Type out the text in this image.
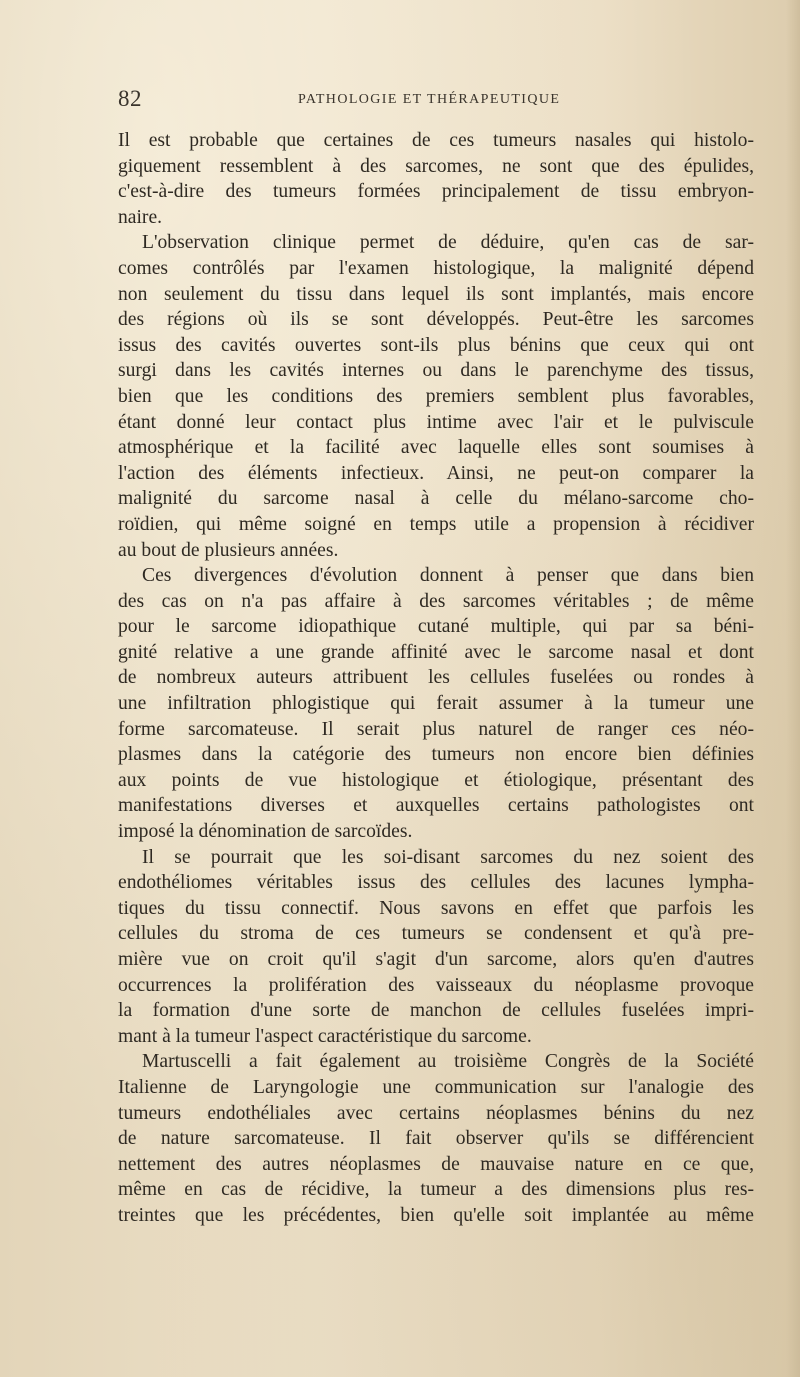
82	PATHOLOGIE ET THÉRAPEUTIQUE
Il est probable que certaines de ces tumeurs nasales qui histolo-
giquement ressemblent à des sarcomes, ne sont que des épulides,
c'est-à-dire des tumeurs formées principalement de tissu embryon-
naire.
L'observation clinique permet de déduire, qu'en cas de sar-
comes contrôlés par l'examen histologique, la malignité dépend
non seulement du tissu dans lequel ils sont implantés, mais encore
des régions où ils se sont développés. Peut-être les sarcomes
issus des cavités ouvertes sont-ils plus bénins que ceux qui ont
surgi dans les cavités internes ou dans le parenchyme des tissus,
bien que les conditions des premiers semblent plus favorables,
étant donné leur contact plus intime avec l'air et le pulviscule
atmosphérique et la facilité avec laquelle elles sont soumises à
l'action des éléments infectieux. Ainsi, ne peut-on comparer la
malignité du sarcome nasal à celle du mélano-sarcome cho-
roïdien, qui même soigné en temps utile a propension à récidiver
au bout de plusieurs années.
Ces divergences d'évolution donnent à penser que dans bien
des cas on n'a pas affaire à des sarcomes véritables ; de même
pour le sarcome idiopathique cutané multiple, qui par sa béni-
gnité relative a une grande affinité avec le sarcome nasal et dont
de nombreux auteurs attribuent les cellules fuselées ou rondes à
une infiltration phlogistique qui ferait assumer à la tumeur une
forme sarcomateuse. Il serait plus naturel de ranger ces néo-
plasmes dans la catégorie des tumeurs non encore bien définies
aux points de vue histologique et étiologique, présentant des
manifestations diverses et auxquelles certains pathologistes ont
imposé la dénomination de sarcoïdes.
Il se pourrait que les soi-disant sarcomes du nez soient des
endothéliomes véritables issus des cellules des lacunes lympha-
tiques du tissu connectif. Nous savons en effet que parfois les
cellules du stroma de ces tumeurs se condensent et qu'à pre-
mière vue on croit qu'il s'agit d'un sarcome, alors qu'en d'autres
occurrences la prolifération des vaisseaux du néoplasme provoque
la formation d'une sorte de manchon de cellules fuselées impri-
mant à la tumeur l'aspect caractéristique du sarcome.
Martuscelli a fait également au troisième Congrès de la Société
Italienne de Laryngologie une communication sur l'analogie des
tumeurs endothéliales avec certains néoplasmes bénins du nez
de nature sarcomateuse. Il fait observer qu'ils se différencient
nettement des autres néoplasmes de mauvaise nature en ce que,
même en cas de récidive, la tumeur a des dimensions plus res-
treintes que les précédentes, bien qu'elle soit implantée au même
